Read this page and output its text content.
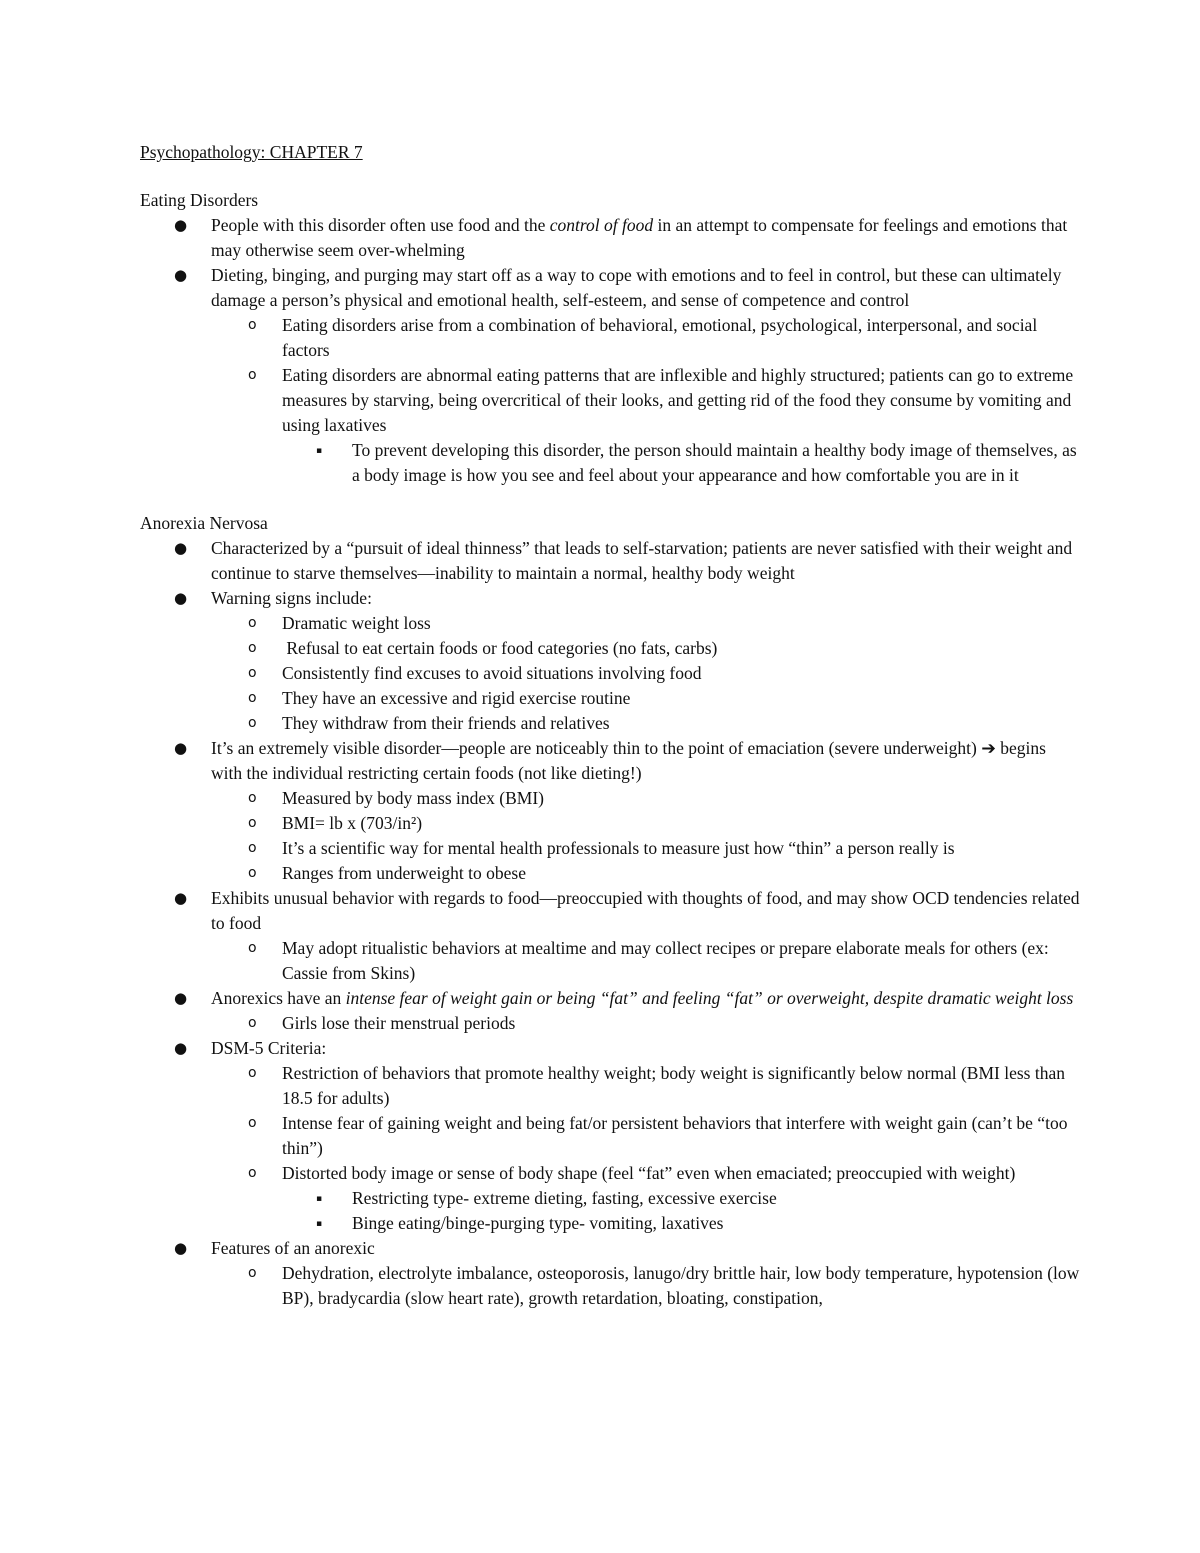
Psychopathology: CHAPTER 7
Eating Disorders
● People with this disorder often use food and the control of food in an attempt to compensate for feelings and emotions that may otherwise seem over-whelming
● Dieting, binging, and purging may start off as a way to cope with emotions and to feel in control, but these can ultimately damage a person’s physical and emotional health, self-esteem, and sense of competence and control
o Eating disorders arise from a combination of behavioral, emotional, psychological, interpersonal, and social factors
o Eating disorders are abnormal eating patterns that are inflexible and highly structured; patients can go to extreme measures by starving, being overcritical of their looks, and getting rid of the food they consume by vomiting and using laxatives
▪ To prevent developing this disorder, the person should maintain a healthy body image of themselves, as a body image is how you see and feel about your appearance and how comfortable you are in it
Anorexia Nervosa
● Characterized by a “pursuit of ideal thinness” that leads to self-starvation; patients are never satisfied with their weight and continue to starve themselves—inability to maintain a normal, healthy body weight
● Warning signs include:
o Dramatic weight loss
o Refusal to eat certain foods or food categories (no fats, carbs)
o Consistently find excuses to avoid situations involving food
o They have an excessive and rigid exercise routine
o They withdraw from their friends and relatives
● It’s an extremely visible disorder—people are noticeably thin to the point of emaciation (severe underweight) ➔ begins with the individual restricting certain foods (not like dieting!)
o Measured by body mass index (BMI)
o BMI= lb x (703/in²)
o It’s a scientific way for mental health professionals to measure just how “thin” a person really is
o Ranges from underweight to obese
● Exhibits unusual behavior with regards to food—preoccupied with thoughts of food, and may show OCD tendencies related to food
o May adopt ritualistic behaviors at mealtime and may collect recipes or prepare elaborate meals for others (ex: Cassie from Skins)
● Anorexics have an intense fear of weight gain or being “fat” and feeling “fat” or overweight, despite dramatic weight loss
o Girls lose their menstrual periods
● DSM-5 Criteria:
o Restriction of behaviors that promote healthy weight; body weight is significantly below normal (BMI less than 18.5 for adults)
o Intense fear of gaining weight and being fat/or persistent behaviors that interfere with weight gain (can’t be “too thin”)
o Distorted body image or sense of body shape (feel “fat” even when emaciated; preoccupied with weight)
▪ Restricting type- extreme dieting, fasting, excessive exercise
▪ Binge eating/binge-purging type- vomiting, laxatives
● Features of an anorexic
o Dehydration, electrolyte imbalance, osteoporosis, lanugo/dry brittle hair, low body temperature, hypotension (low BP), bradycardia (slow heart rate), growth retardation, bloating, constipation,
